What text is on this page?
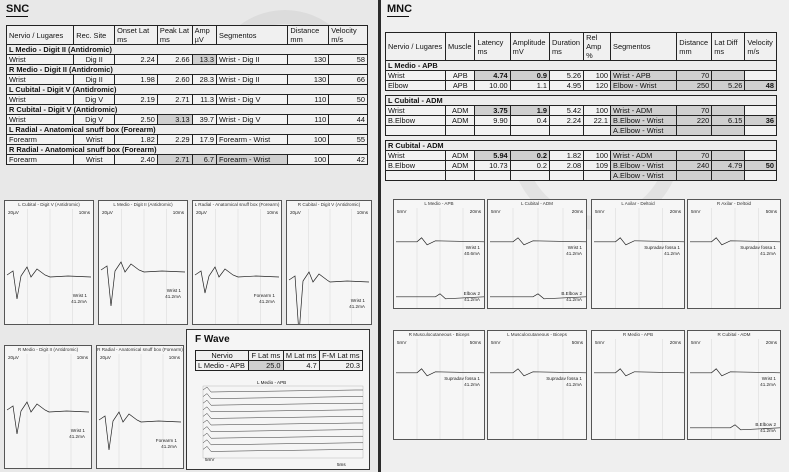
SNC
Nervio / Lugares	Rec. Site	Onset Lat ms	Peak Lat ms	Amp µV	Segmentos	Distance mm	Velocity m/s
L Medio - Digit II (Antidromic)							
Wrist	Dig II	2.24	2.66	13.3	Wrist - Dig II	130	58
R Medio - Digit II (Antidromic)							
Wrist	Dig II	1.98	2.60	28.3	Wrist - Dig II	130	66
L Cubital - Digit V (Antidromic)							
Wrist	Dig V	2.19	2.71	11.3	Wrist - Dig V	110	50
R Cubital - Digit V (Antidromic)							
Wrist	Dig V	2.50	3.13	39.7	Wrist - Dig V	110	44
L Radial - Anatomical snuff box (Forearm)							
Forearm	Wrist	1.82	2.29	17.9	Forearm - Wrist	100	55
R Radial - Anatomical snuff box (Forearm)							
Forearm	Wrist	2.40	2.71	6.7	Forearm - Wrist	100	42
L Cubital - Digit V (Antidromic)
20µV	10ms
Wrist 1
41.2mA
L Medio - Digit II (Antidromic)
20µV	10ms
Wrist 1
41.2mA
L Radial - Anatomical snuff box (Forearm)
20µV	10ms
Forearm 1
41.2mA
R Cubital - Digit V (Antidromic)
20µV	10ms
Wrist 1
41.2mA
R Medio - Digit II (Antidromic)
20µV	10ms
Wrist 1
41.2mA
R Radial - Anatomical snuff box (Forearm)
20µV	10ms
Forearm 1
41.2mA
F Wave
Nervio	F Lat ms	M Lat ms	F-M Lat ms
L Medio - APB	25.0	4.7	20.3
L Medio - APB
5mV
5ms
MNC
Nervio / Lugares	Muscle	Latency ms	Amplitude mV	Duration ms	Rel Amp %	Segmentos	Distance mm	Lat Diff ms	Velocity m/s
L Medio - APB									
Wrist	APB	4.74	0.9	5.26	100	Wrist - APB	70		
Elbow	APB	10.00	1.1	4.95	120	Elbow - Wrist	250	5.26	48

L Cubital - ADM									
Wrist	ADM	3.75	1.9	5.42	100	Wrist - ADM	70		
B.Elbow	ADM	9.90	0.4	2.24	22.1	B.Elbow - Wrist	220	6.15	36
						A.Elbow - Wrist			

R Cubital - ADM									
Wrist	ADM	5.94	0.2	1.82	100	Wrist - ADM	70		
B.Elbow	ADM	10.73	0.2	2.08	109	B.Elbow - Wrist	240	4.79	50
						A.Elbow - Wrist			
L Medio - APB
5mV	20ms
Wrist 1
40.6mA
Elbow 2
41.2mA
L Cubital - ADM
5mV	20ms
Wrist 1
41.2mA
B.Elbow 2
41.2mA
L Axilar - Deltoid
5mV	20ms
Supradav fossa 1
41.2mA
R Axilar - Deltoid
5mV	50ms
Supradav fossa 1
41.2mA
R Musculocutaneous - Biceps
5mV	50ms
Supradav fossa 1
41.2mA
L Musculocutaneous - Biceps
5mV	50ms
Supradav fossa 1
41.2mA
R Medio - APB
5mV	20ms
R Cubital - ADM
5mV	20ms
Wrist 1
41.2mA
B.Elbow 2
41.2mA
